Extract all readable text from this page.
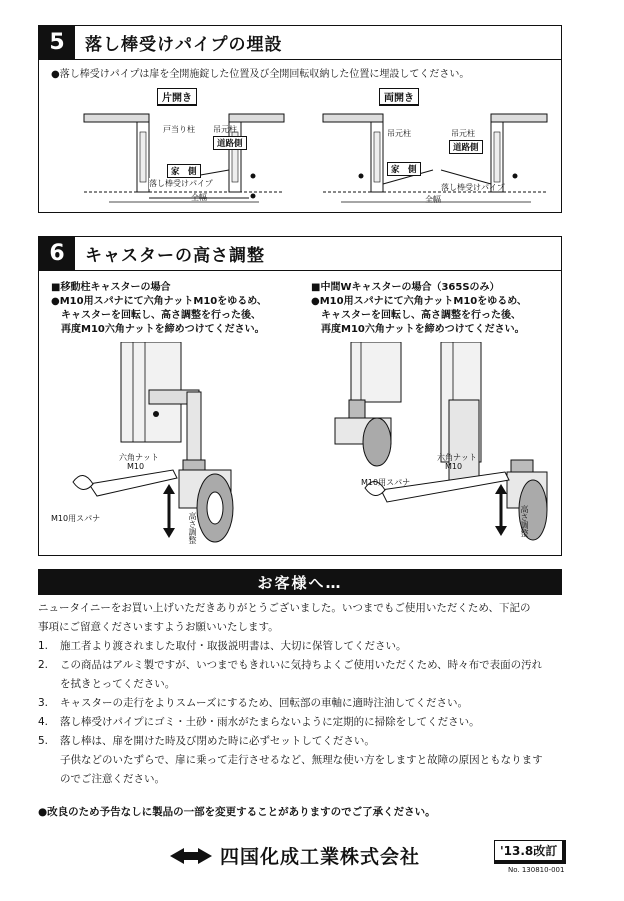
5	落し棒受けパイプの埋設
●落し棒受けパイプは扉を全開施錠した位置及び全開回転収納した位置に埋設してください。
片開き
戸当り柱 吊元柱
道路側
家　側
落し棒受けパイプ
全幅
両開き
吊元柱	吊元柱
道路側
家　側
落し棒受けパイプ
全幅
6	キャスターの高さ調整
■移動柱キャスターの場合
●M10用スパナにて六角ナットM10をゆるめ、
　キャスターを回転し、高さ調整を行った後、
　再度M10六角ナットを締めつけてください。
■中間Wキャスターの場合（365Sのみ）
●M10用スパナにて六角ナットM10をゆるめ、
　キャスターを回転し、高さ調整を行った後、
　再度M10六角ナットを締めつけてください。
六角ナット
M10
M10用スパナ	高さ調整
六角ナット
M10
M10用スパナ
高さ調整
お客様へ…
ニュータイニーをお買い上げいただきありがとうございました。いつまでもご使用いただくため、下記の
事項にご留意くださいますようお願いいたします。
1.	施工者より渡されました取付・取扱説明書は、大切に保管してください。
2.	この商品はアルミ製ですが、いつまでもきれいに気持ちよくご使用いただくため、時々布で表面の汚れ
を拭きとってください。
3.	キャスターの走行をよりスムーズにするため、回転部の車軸に適時注油してください。
4.	落し棒受けパイプにゴミ・土砂・雨水がたまらないように定期的に掃除をしてください。
5.	落し棒は、扉を開けた時及び閉めた時に必ずセットしてください。
子供などのいたずらで、扉に乗って走行させるなど、無理な使い方をしますと故障の原因ともなります
のでご注意ください。
●改良のため予告なしに製品の一部を変更することがありますのでご了承ください。
四国化成工業株式会社	'13.8改訂
No. 130810-001
